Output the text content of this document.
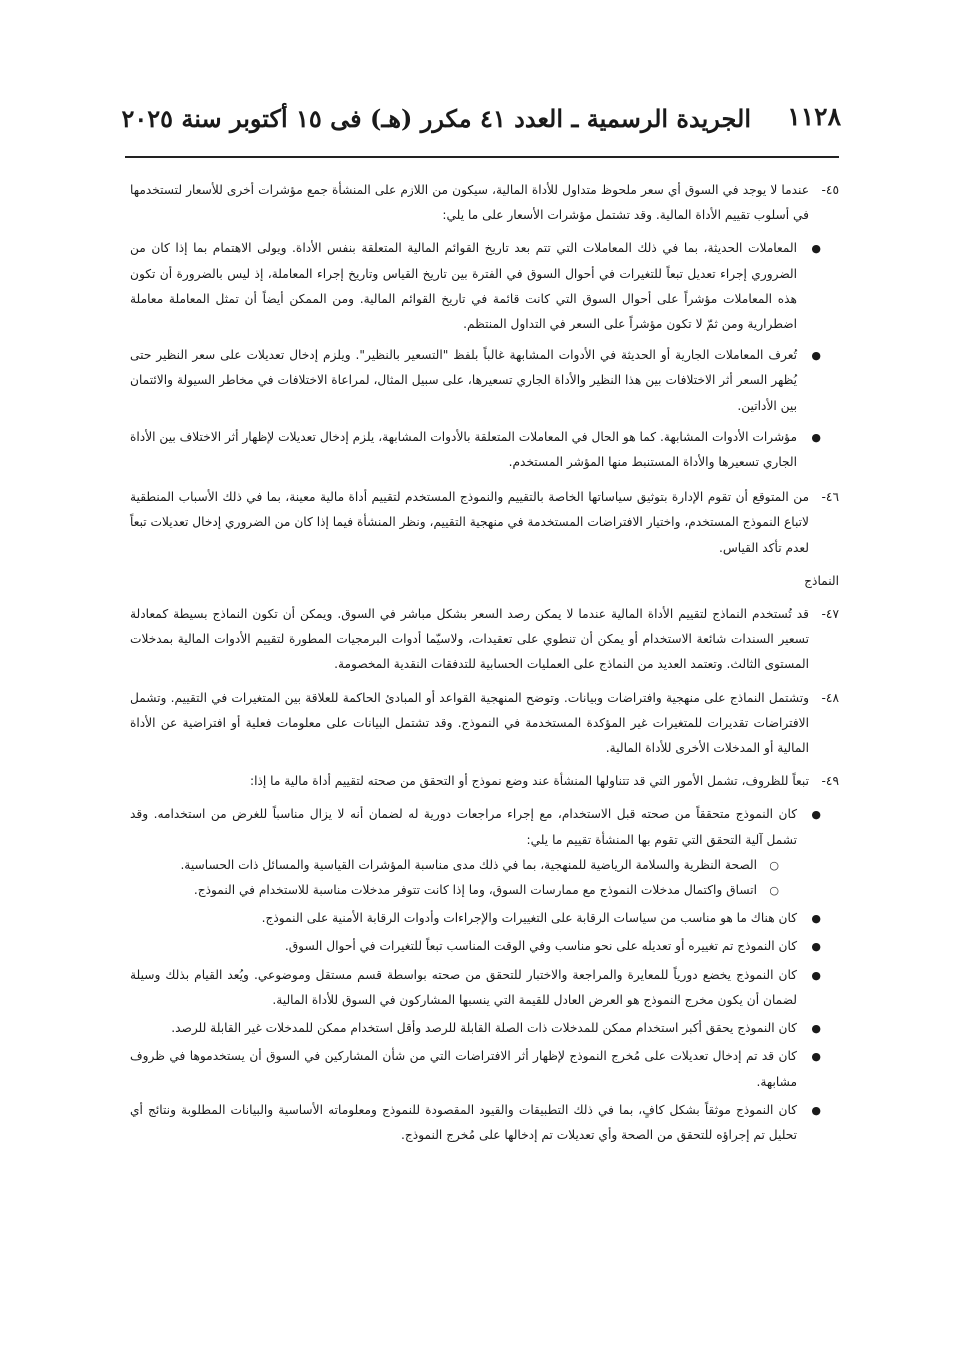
١١٢٨
الجريدة الرسمية ـ العدد ٤١ مكرر (هـ) فى ١٥ أكتوبر سنة ٢٠٢٥
٤٥-
عندما لا يوجد في السوق أي سعر ملحوظ متداول للأداة المالية، سيكون من اللازم على المنشأة جمع مؤشرات أخرى للأسعار لتستخدمها في أسلوب تقييم الأداة المالية. وقد تشتمل مؤشرات الأسعار على ما يلي:
●
المعاملات الحديثة، بما في ذلك المعاملات التي تتم بعد تاريخ القوائم المالية المتعلقة بنفس الأداة. ويولى الاهتمام بما إذا كان من الضروري إجراء تعديل تبعاً للتغيرات في أحوال السوق في الفترة بين تاريخ القياس وتاريخ إجراء المعاملة، إذ ليس بالضرورة أن تكون هذه المعاملات مؤشراً على أحوال السوق التي كانت قائمة في تاريخ القوائم المالية. ومن الممكن أيضاً أن تمثل المعاملة معاملة اضطرارية ومن ثمّ لا تكون مؤشراً على السعر في التداول المنتظم.
●
تُعرف المعاملات الجارية أو الحديثة في الأدوات المشابهة غالباً بلفظ "التسعير بالنظير". ويلزم إدخال تعديلات على سعر النظير حتى يُظهر السعر أثر الاختلافات بين هذا النظير والأداة الجاري تسعيرها، على سبيل المثال، لمراعاة الاختلافات في مخاطر السيولة والائتمان بين الأداتين.
●
مؤشرات الأدوات المشابهة. كما هو الحال في المعاملات المتعلقة بالأدوات المشابهة، يلزم إدخال تعديلات لإظهار أثر الاختلاف بين الأداة الجاري تسعيرها والأداة المستنبط منها المؤشر المستخدم.
٤٦-
من المتوقع أن تقوم الإدارة بتوثيق سياساتها الخاصة بالتقييم والنموذج المستخدم لتقييم أداة مالية معينة، بما في ذلك الأسباب المنطقية لاتباع النموذج المستخدم، واختيار الافتراضات المستخدمة في منهجية التقييم، ونظر المنشأة فيما إذا كان من الضروري إدخال تعديلات تبعاً لعدم تأكد القياس.
النماذج
٤٧-
قد تُستخدم النماذج لتقييم الأداة المالية عندما لا يمكن رصد السعر بشكل مباشر في السوق. ويمكن أن تكون النماذج بسيطة كمعادلة تسعير السندات شائعة الاستخدام أو يمكن أن تنطوي على تعقيدات، ولاسيّما أدوات البرمجيات المطورة لتقييم الأدوات المالية بمدخلات المستوى الثالث. وتعتمد العديد من النماذج على العمليات الحسابية للتدفقات النقدية المخصومة.
٤٨-
وتشتمل النماذج على منهجية وافتراضات وبيانات. وتوضح المنهجية القواعد أو المبادئ الحاكمة للعلاقة بين المتغيرات في التقييم. وتشمل الافتراضات تقديرات للمتغيرات غير المؤكدة المستخدمة في النموذج. وقد تشتمل البيانات على معلومات فعلية أو افتراضية عن الأداة المالية أو المدخلات الأخرى للأداة المالية.
٤٩-
تبعاً للظروف، تشمل الأمور التي قد تتناولها المنشأة عند وضع نموذج أو التحقق من صحته لتقييم أداة مالية ما إذا:
●
كان النموذج متحققاً من صحته قبل الاستخدام، مع إجراء مراجعات دورية له لضمان أنه لا يزال مناسباً للغرض من استخدامه. وقد تشمل آلية التحقق التي تقوم بها المنشأة تقييم ما يلي:
○
الصحة النظرية والسلامة الرياضية للمنهجية، بما في ذلك مدى مناسبة المؤشرات القياسية والمسائل ذات الحساسية.
○
اتساق واكتمال مدخلات النموذج مع ممارسات السوق، وما إذا كانت تتوفر مدخلات مناسبة للاستخدام في النموذج.
●
كان هناك ما هو مناسب من سياسات الرقابة على التغييرات والإجراءات وأدوات الرقابة الأمنية على النموذج.
●
كان النموذج تم تغييره أو تعديله على نحو مناسب وفي الوقت المناسب تبعاً للتغيرات في أحوال السوق.
●
كان النموذج يخضع دورياً للمعايرة والمراجعة والاختبار للتحقق من صحته بواسطة قسم مستقل وموضوعي. ويُعد القيام بذلك وسيلة لضمان أن يكون مخرج النموذج هو العرض العادل للقيمة التي ينسبها المشاركون في السوق للأداة المالية.
●
كان النموذج يحقق أكبر استخدام ممكن للمدخلات ذات الصلة القابلة للرصد وأقل استخدام ممكن للمدخلات غير القابلة للرصد.
●
كان قد تم إدخال تعديلات على مُخرج النموذج لإظهار أثر الافتراضات التي من شأن المشاركين في السوق أن يستخدموها في ظروف مشابهة.
●
كان النموذج موثقاً بشكل كافٍ، بما في ذلك التطبيقات والقيود المقصودة للنموذج ومعلوماته الأساسية والبيانات المطلوبة ونتائج أي تحليل تم إجراؤه للتحقق من الصحة وأي تعديلات تم إدخالها على مُخرج النموذج.
